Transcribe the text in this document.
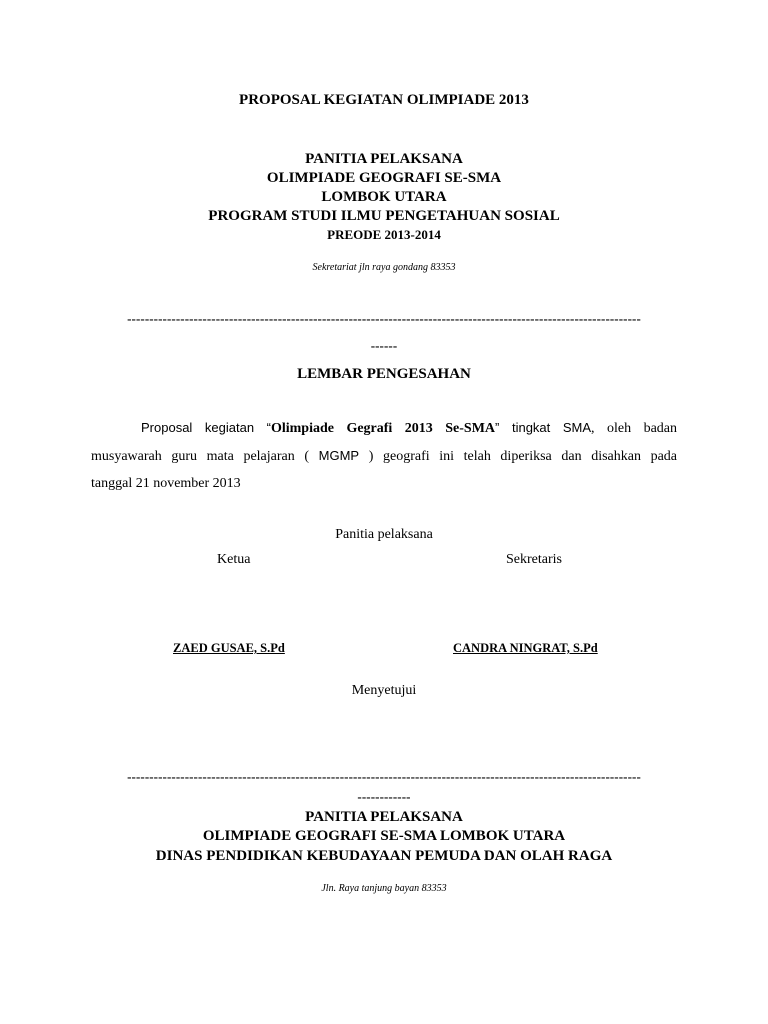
PROPOSAL KEGIATAN OLIMPIADE 2013
PANITIA PELAKSANA
OLIMPIADE GEOGRAFI SE-SMA
LOMBOK UTARA
PROGRAM STUDI ILMU PENGETAHUAN SOSIAL
PREODE 2013-2014
Sekretariat jln raya gondang 83353
--------------------------------------------------------------------------------------------------------------------
------
LEMBAR PENGESAHAN

Proposal kegiatan “Olimpiade Gegrafi 2013 Se-SMA” tingkat SMA, oleh badan

musyawarah guru mata pelajaran ( MGMP ) geografi ini telah diperiksa dan disahkan pada

tanggal 21 november 2013

Panitia pelaksana
Ketua	Sekretaris
ZAED GUSAE, S.Pd	CANDRA NINGRAT, S.Pd
Menyetujui
--------------------------------------------------------------------------------------------------------------------
------------
PANITIA PELAKSANA
OLIMPIADE GEOGRAFI SE-SMA LOMBOK UTARA
DINAS PENDIDIKAN KEBUDAYAAN PEMUDA DAN OLAH RAGA
Jln. Raya tanjung bayan 83353
